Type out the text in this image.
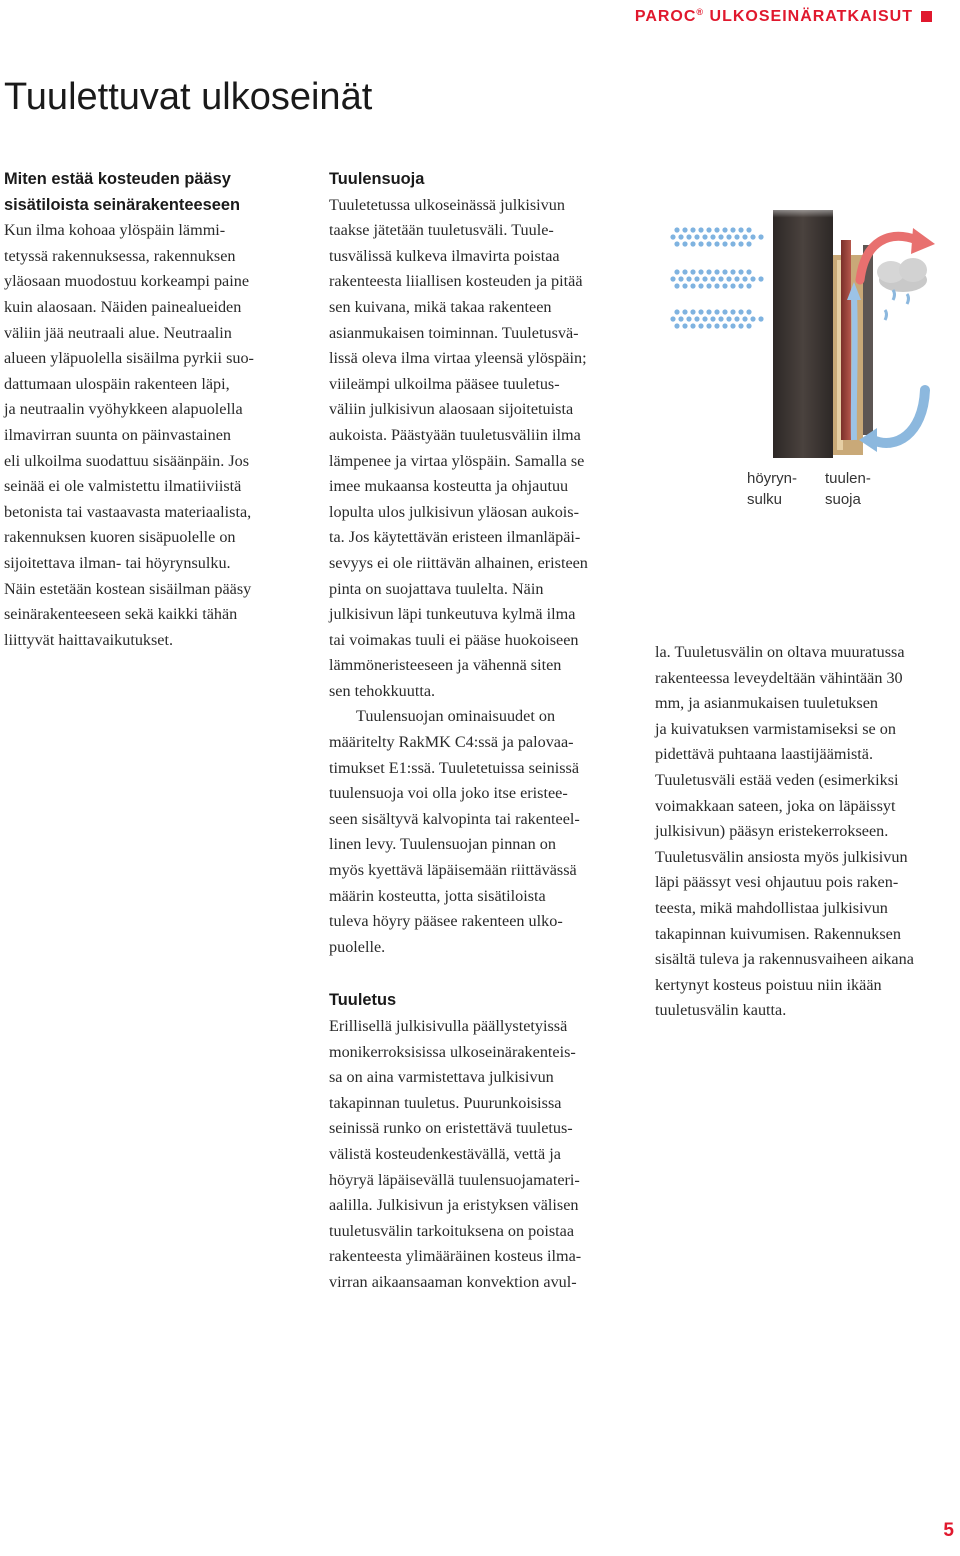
PAROC® ULKOSEINÄRATKAISUT
Tuulettuvat ulkoseinät

Miten estää kosteuden pääsy

sisätiloista seinärakenteeseen

Kun ilma kohoaa ylöspäin lämmi-

tetyssä rakennuksessa, rakennuksen

yläosaan muodostuu korkeampi paine

kuin alaosaan. Näiden painealueiden

väliin jää neutraali alue. Neutraalin

alueen yläpuolella sisäilma pyrkii suo-

dattumaan ulospäin rakenteen läpi,

ja neutraalin vyöhykkeen alapuolella

ilmavirran suunta on päinvastainen

eli ulkoilma suodattuu sisäänpäin. Jos

seinää ei ole valmistettu ilmatiiviistä

betonista tai vastaavasta materiaalista,

rakennuksen kuoren sisäpuolelle on

sijoitettava ilman- tai höyrynsulku.

Näin estetään kostean sisäilman pääsy

seinärakenteeseen sekä kaikki tähän

liittyvät haittavaikutukset.

Tuulensuoja

Tuuletetussa ulkoseinässä julkisivun

taakse jätetään tuuletusväli. Tuule-

tusvälissä kulkeva ilmavirta poistaa

rakenteesta liiallisen kosteuden ja pitää

sen kuivana, mikä takaa rakenteen

asianmukaisen toiminnan. Tuuletusvä-

lissä oleva ilma virtaa yleensä ylöspäin;

viileämpi ulkoilma pääsee tuuletus-

väliin julkisivun alaosaan sijoitetuista

aukoista. Päästyään tuuletusväliin ilma

lämpenee ja virtaa ylöspäin. Samalla se

imee mukaansa kosteutta ja ohjautuu

lopulta ulos julkisivun yläosan aukois-

ta. Jos käytettävän eristeen ilmanläpäi-

sevyys ei ole riittävän alhainen, eristeen

pinta on suojattava tuulelta. Näin

julkisivun läpi tunkeutuva kylmä ilma

tai voimakas tuuli ei pääse huokoiseen

lämmöneristeeseen ja vähennä siten

sen tehokkuutta.

Tuulensuojan ominaisuudet on

määritelty RakMK C4:ssä ja palovaa-

timukset E1:ssä. Tuuletetuissa seinissä

tuulensuoja voi olla joko itse eristee-

seen sisältyvä kalvopinta tai rakenteel-

linen levy. Tuulensuojan pinnan on

myös kyettävä läpäisemään riittävässä

määrin kosteutta, jotta sisätiloista

tuleva höyry pääsee rakenteen ulko-

puolelle.

Tuuletus

Erillisellä julkisivulla päällystetyissä

monikerroksisissa ulkoseinärakenteis-

sa on aina varmistettava julkisivun

takapinnan tuuletus. Puurunkoisissa

seinissä runko on eristettävä tuuletus-

välistä kosteudenkestävällä, vettä ja

höyryä läpäisevällä tuulensuojamateri-

aalilla. Julkisivun ja eristyksen välisen

tuuletusvälin tarkoituksena on poistaa

rakenteesta ylimääräinen kosteus ilma-

virran aikaansaaman konvektion avul-

höyryn-
sulku
tuulen-
suoja

la. Tuuletusvälin on oltava muuratussa

rakenteessa leveydeltään vähintään 30

mm, ja asianmukaisen tuuletuksen

ja kuivatuksen varmistamiseksi se on

pidettävä puhtaana laastijäämistä.

Tuuletusväli estää veden (esimerkiksi

voimakkaan sateen, joka on läpäissyt

julkisivun) pääsyn eristekerrokseen.

Tuuletusvälin ansiosta myös julkisivun

läpi päässyt vesi ohjautuu pois raken-

teesta, mikä mahdollistaa julkisivun

takapinnan kuivumisen. Rakennuksen

sisältä tuleva ja rakennusvaiheen aikana

kertynyt kosteus poistuu niin ikään

tuuletusvälin kautta.

5
